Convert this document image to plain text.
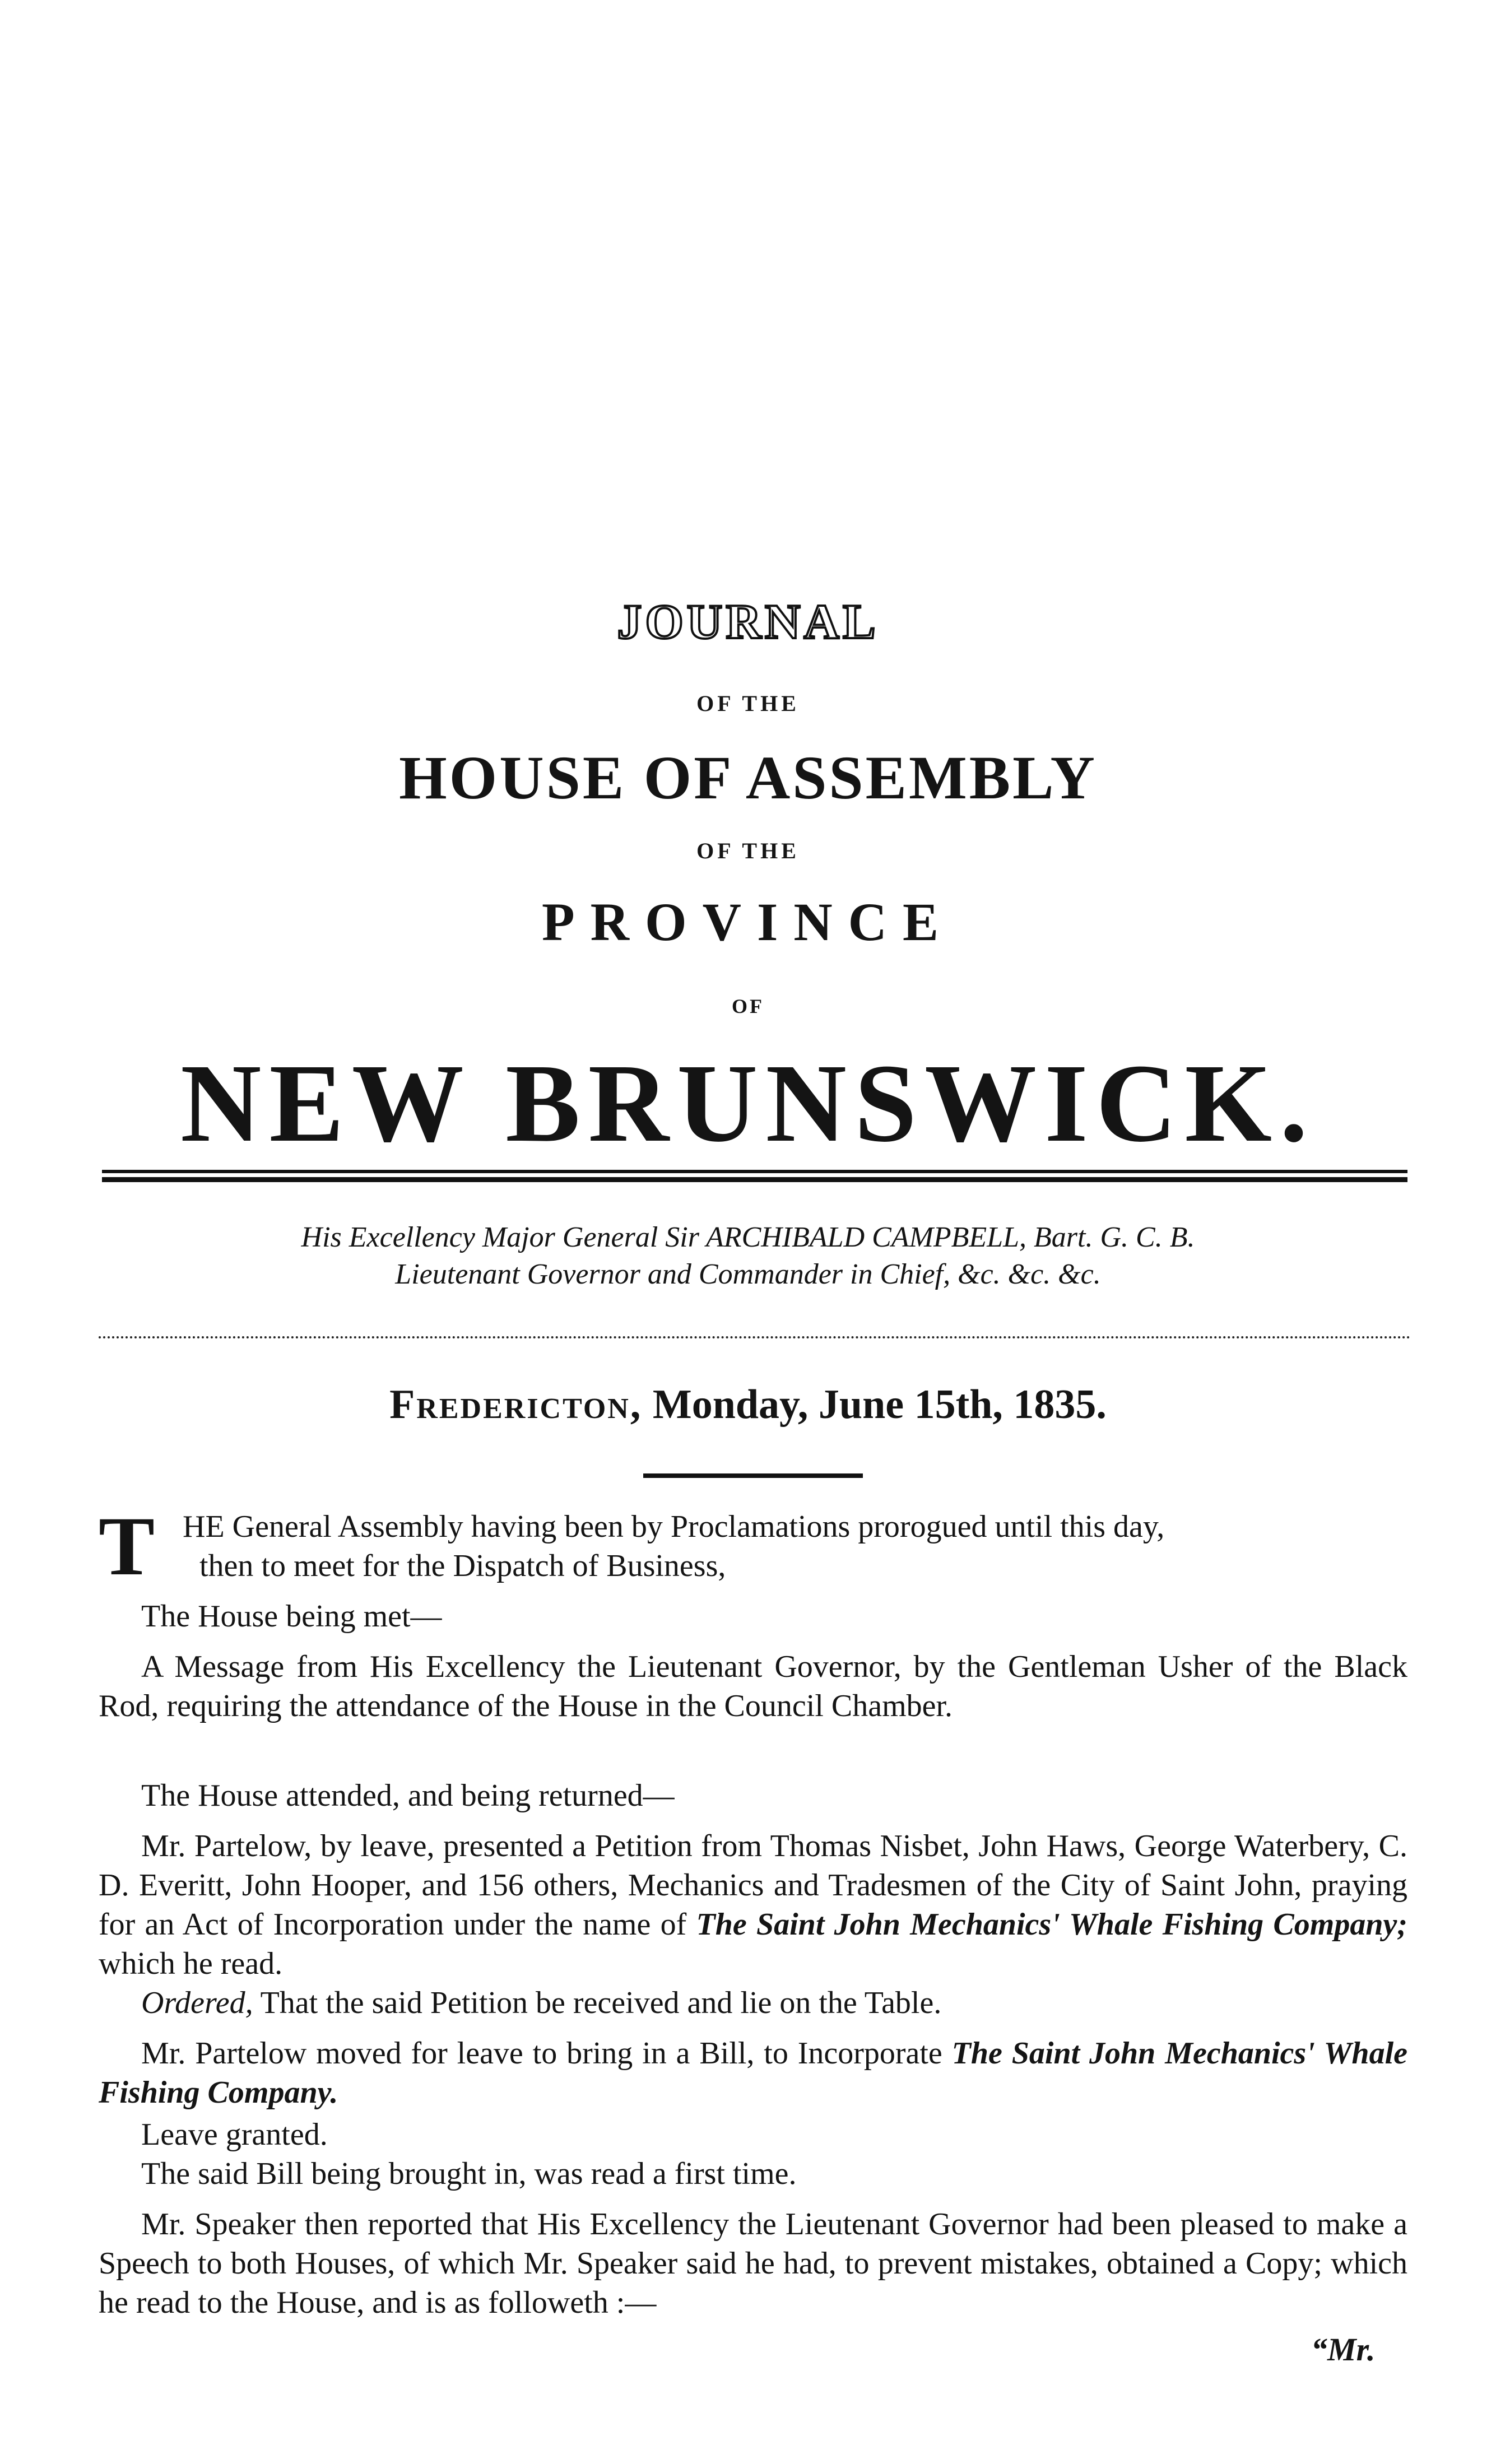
JOURNAL
OF THE
HOUSE OF ASSEMBLY
OF THE
PROVINCE
OF
NEW BRUNSWICK.
His Excellency Major General Sir ARCHIBALD CAMPBELL, Bart. G. C. B.
Lieutenant Governor and Commander in Chief, &c. &c. &c.
Fredericton, Monday, June 15th, 1835.
T HE General Assembly having been by Proclamations prorogued until this day,
then to meet for the Dispatch of Business,

The House being met—

A Message from His Excellency the Lieutenant Governor, by the Gentleman Usher of the Black Rod, requiring the attendance of the House in the Council Chamber.

The House attended, and being returned—

Mr. Partelow, by leave, presented a Petition from Thomas Nisbet, John Haws, George Waterbery, C. D. Everitt, John Hooper, and 156 others, Mechanics and Tradesmen of the City of Saint John, praying for an Act of Incorporation under the name of The Saint John Mechanics' Whale Fishing Company; which he read.

Ordered, That the said Petition be received and lie on the Table.

Mr. Partelow moved for leave to bring in a Bill, to Incorporate The Saint John Mechanics' Whale Fishing Company.

Leave granted.

The said Bill being brought in, was read a first time.

Mr. Speaker then reported that His Excellency the Lieutenant Governor had been pleased to make a Speech to both Houses, of which Mr. Speaker said he had, to prevent mistakes, obtained a Copy; which he read to the House, and is as followeth :—

“Mr.
